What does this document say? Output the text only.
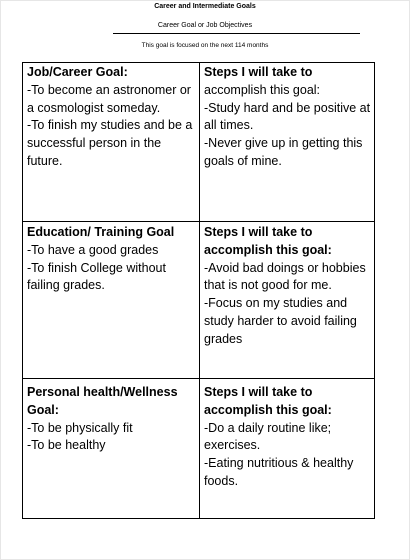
Career and Intermediate Goals
Career Goal or Job Objectives
This goal is focused on the next 114 months

Job/Career Goal:

-To become an astronomer or a cosmologist someday.

-To finish my studies and be a successful person in the future.

Steps I will take to

accomplish this goal:

-Study hard and be positive at all times.

-Never give up in getting this goals of mine.

Education/ Training Goal

-To have a good grades

-To finish College without failing grades.

Steps I will take to accomplish this goal:

-Avoid bad doings or hobbies that is not good for me.

-Focus on my studies and study harder to avoid failing grades

Personal health/Wellness Goal:

-To be physically fit

-To be healthy

Steps I will take to accomplish this goal:

-Do a daily routine like; exercises.

-Eating nutritious & healthy foods.
